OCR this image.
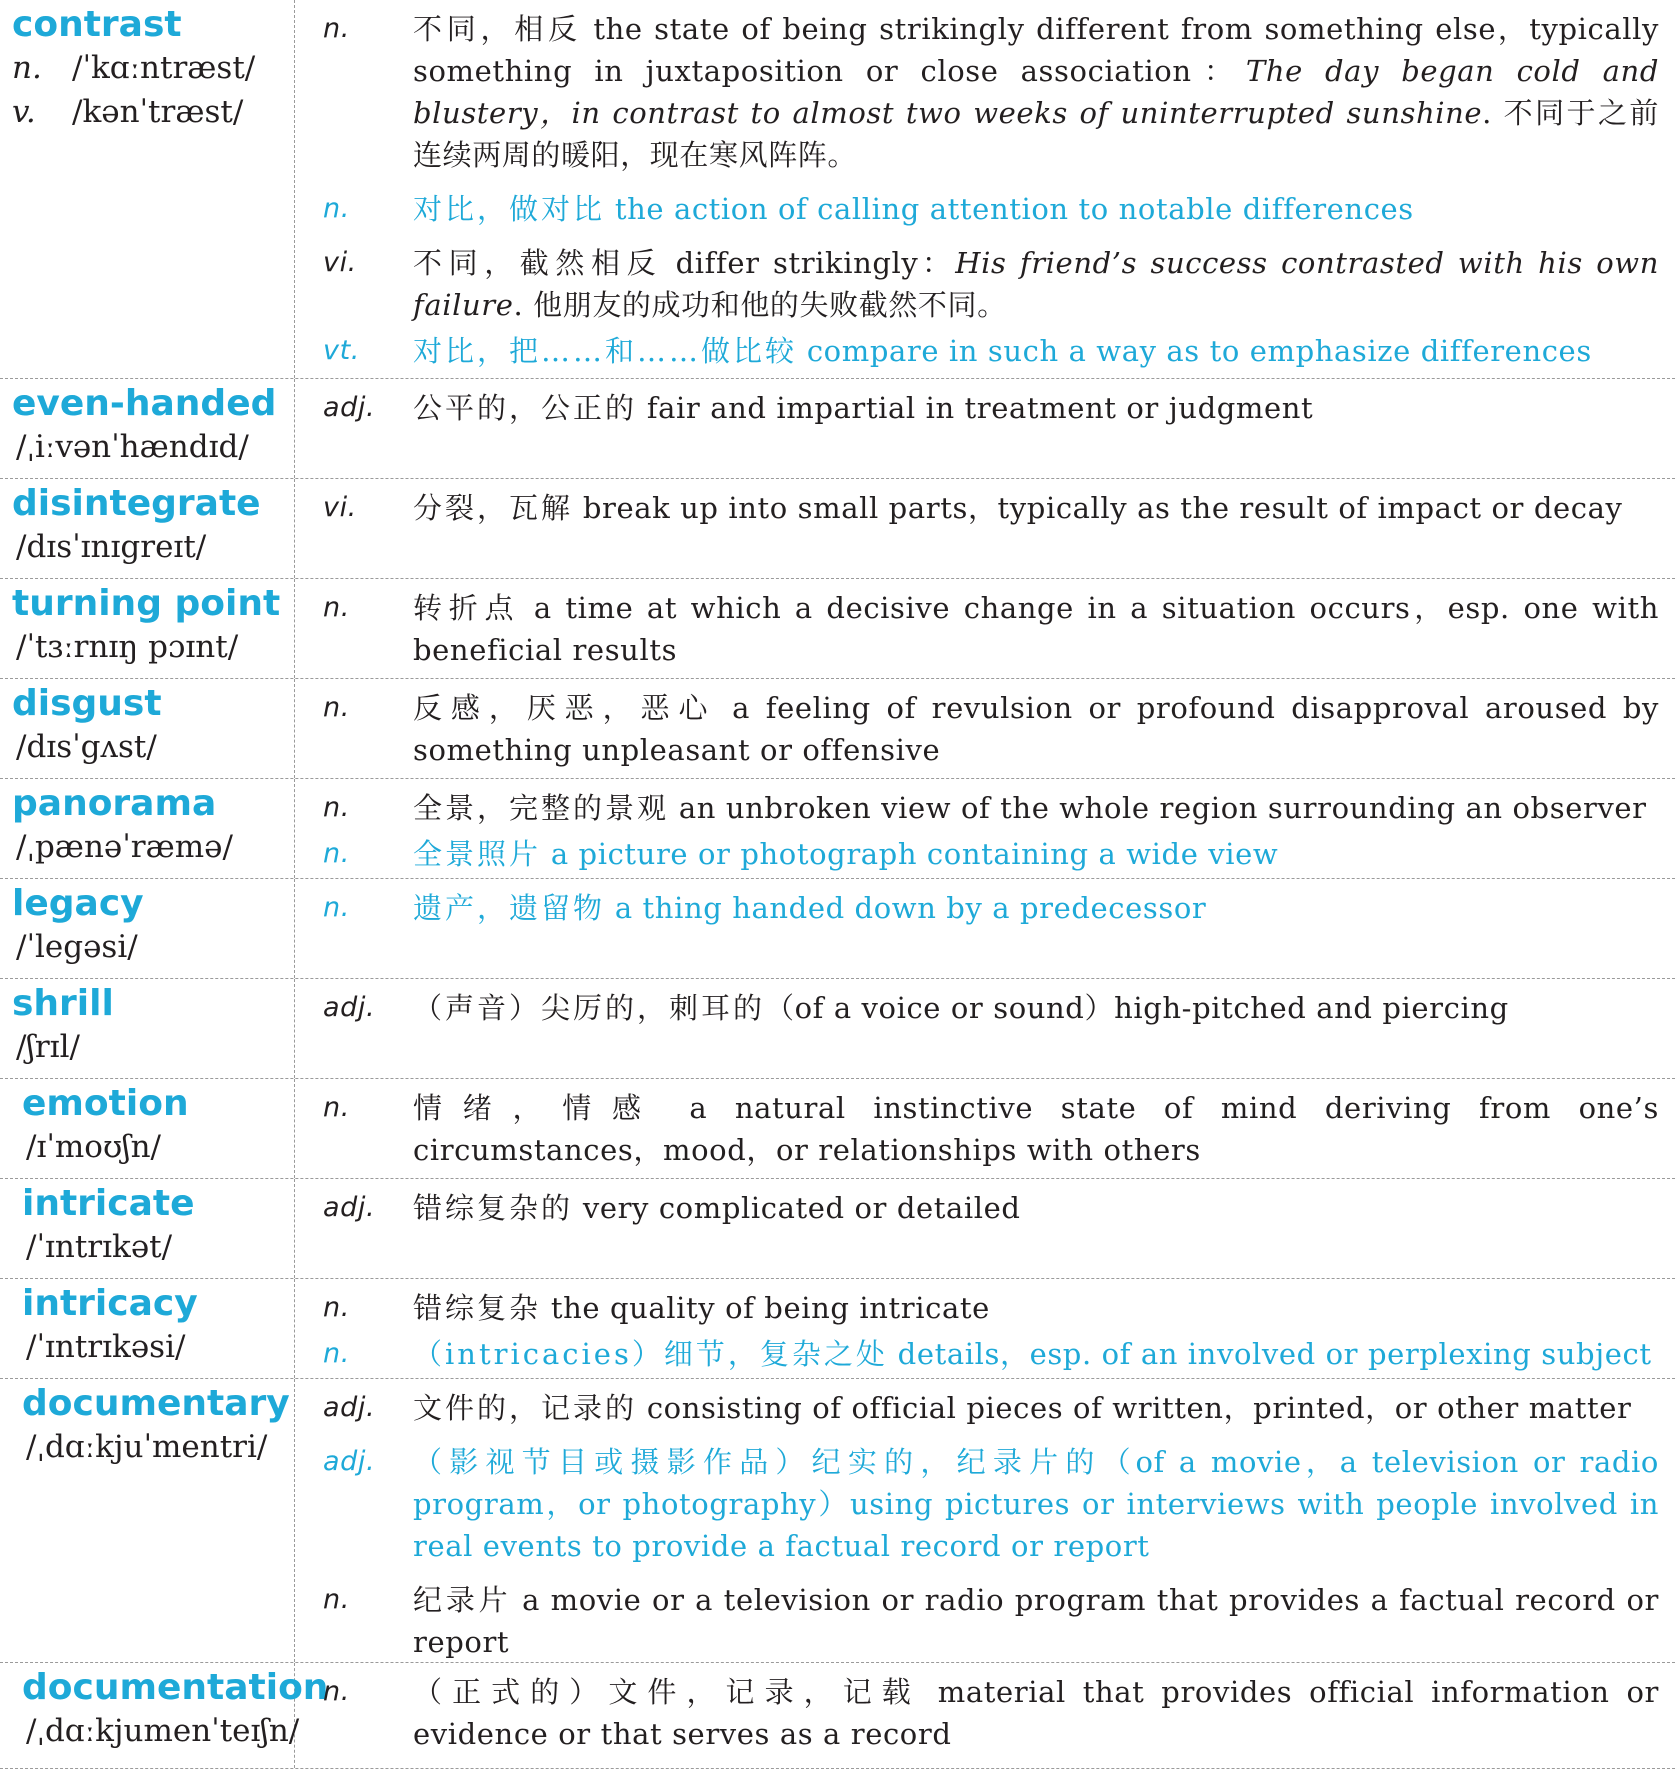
contrast
n. /ˈkɑːntræst/
v. /kənˈtræst/
n.	不同，相反 the state of being strikingly different from something else，typically something in juxtaposition or close association：The day began cold and blustery，in contrast to almost two weeks of uninterrupted sunshine. 不同于之前连续两周的暖阳，现在寒风阵阵。
n.	对比，做对比 the action of calling attention to notable differences
vi.	不同，截然相反 differ strikingly：His friend’s success contrasted with his own failure. 他朋友的成功和他的失败截然不同。
vt.	对比，把……和……做比较 compare in such a way as to emphasize differences
even-handed
/ˌiːvənˈhændɪd/
adj.	公平的，公正的 fair and impartial in treatment or judgment
disintegrate
/dɪsˈɪnɪgreɪt/
vi.	分裂，瓦解 break up into small parts，typically as the result of impact or decay
turning point
/ˈtɜːrnɪŋ pɔɪnt/
n.	转折点 a time at which a decisive change in a situation occurs，esp. one with beneficial results
disgust
/dɪsˈgʌst/
n.	反感，厌恶，恶心 a feeling of revulsion or profound disapproval aroused by something unpleasant or offensive
panorama
/ˌpænəˈræmə/
n.	全景，完整的景观 an unbroken view of the whole region surrounding an observer
n.	全景照片 a picture or photograph containing a wide view
legacy
/ˈlegəsi/
n.	遗产，遗留物 a thing handed down by a predecessor
shrill
/ʃrɪl/
adj.	（声音）尖厉的，刺耳的（of a voice or sound）high-pitched and piercing
emotion
/ɪˈmoʊʃn/
n.	情绪，情感 a natural instinctive state of mind deriving from one’s circumstances，mood，or relationships with others
intricate
/ˈɪntrɪkət/
adj.	错综复杂的 very complicated or detailed
intricacy
/ˈɪntrɪkəsi/
n.	错综复杂 the quality of being intricate
n.	（intricacies）细节，复杂之处 details，esp. of an involved or perplexing subject
documentary
/ˌdɑːkjuˈmentri/
adj.	文件的，记录的 consisting of official pieces of written，printed，or other matter
adj.	（影视节目或摄影作品）纪实的，纪录片的（of a movie，a television or radio program，or photography）using pictures or interviews with people involved in real events to provide a factual record or report
n.	纪录片 a movie or a television or radio program that provides a factual record or report
documentation
/ˌdɑːkjumenˈteɪʃn/
n.	（正式的）文件，记录，记载 material that provides official information or evidence or that serves as a record
